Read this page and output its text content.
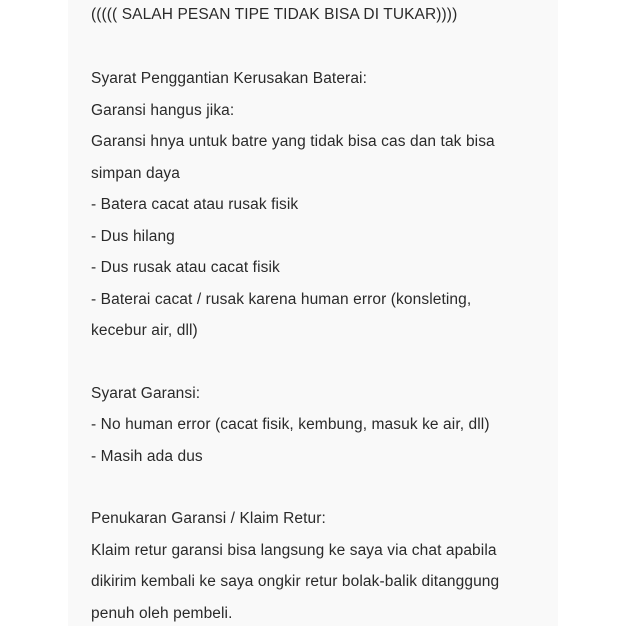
((((( SALAH PESAN TIPE TIDAK BISA DI TUKAR))))
Syarat Penggantian Kerusakan Baterai:
Garansi hangus jika:
Garansi hnya untuk batre yang tidak bisa cas dan tak bisa
simpan daya
- Batera cacat atau rusak fisik
- Dus hilang
- Dus rusak atau cacat fisik
- Baterai cacat / rusak karena human error (konsleting,
kecebur air, dll)
Syarat Garansi:
- No human error (cacat fisik, kembung, masuk ke air, dll)
- Masih ada dus
Penukaran Garansi / Klaim Retur:
Klaim retur garansi bisa langsung ke saya via chat apabila
dikirim kembali ke saya ongkir retur bolak-balik ditanggung
penuh oleh pembeli.
